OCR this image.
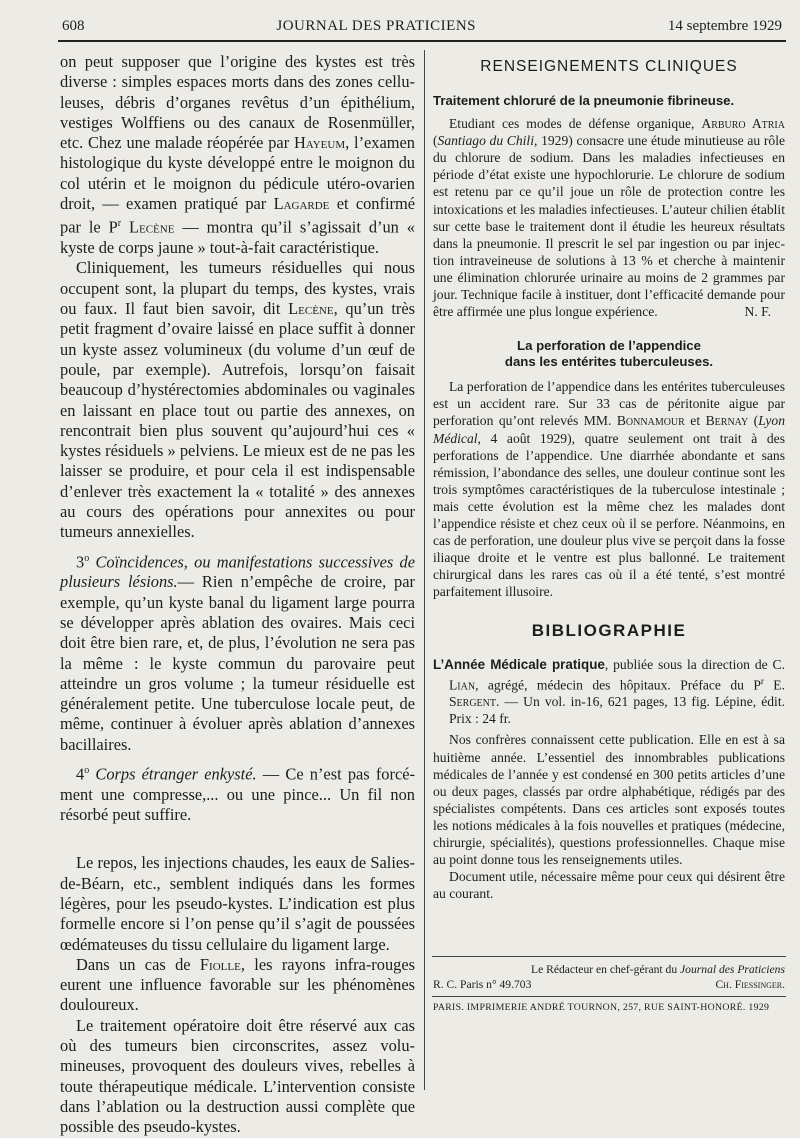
608	JOURNAL DES PRATICIENS	14 septembre 1929

on peut supposer que l’origine des kystes est très diverse : simples espaces morts dans des zones celluleuses, débris d’organes revêtus d’un épithélium, vestiges Wolffiens ou des canaux de Rosenmüller, etc. Chez une malade réopérée par Hayeum, l’examen histologique du kyste développé entre le moignon du col utérin et le moignon du pédicule utéro-ovarien droit, — examen pratiqué par Lagarde et confirmé par le $P^r$ Lecène — montra qu’il s’agissait d’un « kyste de corps jaune » tout-à-fait caractéristique.

Cliniquement, les tumeurs résiduelles qui nous occupent sont, la plupart du temps, des kystes, vrais ou faux. Il faut bien savoir, dit Lecène, qu’un très petit fragment d’ovaire laissé en place suffit à donner un kyste assez volumineux (du volume d’un œuf de poule, par exemple). Autrefois, lorsqu’on faisait beaucoup d’hystérectomies abdominales ou vaginales en laissant en place tout ou partie des annexes, on rencontrait bien plus souvent qu’aujourd’hui ces « kystes résiduels » pelviens. Le mieux est de ne pas les laisser se produire, et pour cela il est indispensable d’enlever très exactement la « totalité » des annexes au cours des opérations pour annexites ou pour tumeurs annexielles.

3$^o$ Coïncidences, ou manifestations successives de plusieurs lésions.— Rien n’empêche de croire, par exemple, qu’un kyste banal du ligament large pourra se développer après ablation des ovaires. Mais ceci doit être bien rare, et, de plus, l’évolution ne sera pas la même : le kyste commun du parovaire peut atteindre un gros volume ; la tumeur résiduelle est généralement petite. Une tuberculose locale peut, de même, continuer à évoluer après ablation d’annexes bacillaires.

4$^o$ Corps étranger enkysté. — Ce n’est pas forcément une compresse,... ou une pince... Un fil non résorbé peut suffire.

Le repos, les injections chaudes, les eaux de Salies-de-Béarn, etc., semblent indiqués dans les formes légères, pour les pseudo-kystes. L’indication est plus formelle encore si l’on pense qu’il s’agit de poussées œdémateuses du tissu cellulaire du ligament large.

Dans un cas de Fiolle, les rayons infra-rouges eurent une influence favorable sur les phénomènes douloureux.

Le traitement opératoire doit être réservé aux cas où des tumeurs bien circonscrites, assez volumineuses, provoquent des douleurs vives, rebelles à toute thérapeutique médicale. L’intervention consiste dans l’ablation ou la destruction aussi complète que possible des pseudo-kystes.

RENSEIGNEMENTS CLINIQUES
Traitement chloruré de la pneumonie fibrineuse.

Etudiant ces modes de défense organique, Arburo Atria (Santiago du Chili, 1929) consacre une étude minutieuse au rôle du chlorure de sodium. Dans les maladies infectieuses en période d’état existe une hypochlorurie. Le chlorure de sodium est retenu par ce qu’il joue un rôle de protection contre les intoxications et les maladies infectieuses. L’auteur chilien établit sur cette base le traitement dont il étudie les heureux résultats dans la pneumonie. Il prescrit le sel par ingestion ou par injection intraveineuse de solutions à 13 % et cherche à maintenir une élimination chlorurée urinaire au moins de 2 grammes par jour. Technique facile à instituer, dont l’efficacité demande pour être affirmée une plus longue expérience.	N. F.

La perforation de l’appendice
dans les entérites tuberculeuses.

La perforation de l’appendice dans les entérites tuberculeuses est un accident rare. Sur 33 cas de péritonite aigue par perforation qu’ont relevés MM. Bonnamour et Bernay (Lyon Médical, 4 août 1929), quatre seulement ont trait à des perforations de l’appendice. Une diarrhée abondante et sans rémission, l’abondance des selles, une douleur continue sont les trois symptômes caractéristiques de la tuberculose intestinale ; mais cette évolution est la même chez les malades dont l’appendice résiste et chez ceux où il se perfore. Néanmoins, en cas de perforation, une douleur plus vive se perçoit dans la fosse iliaque droite et le ventre est plus ballonné. Le traitement chirurgical dans les rares cas où il a été tenté, s’est montré parfaitement illusoire.

BIBLIOGRAPHIE

L’Année Médicale pratique, publiée sous la direction de C. Lian, agrégé, médecin des hôpitaux. Préface du $P^r$ E. Sergent. — Un vol. in-16, 621 pages, 13 fig. Lépine, édit. Prix : 24 fr.

Nos confrères connaissent cette publication. Elle en est à sa huitième année. L’essentiel des innombrables publications médicales de l’année y est condensé en 300 petits articles d’une ou deux pages, classés par ordre alphabétique, rédigés par des spécialistes compétents. Dans ces articles sont exposés toutes les notions médicales à la fois nouvelles et pratiques (médecine, chirurgie, spécialités), questions professionnelles. Chaque mise au point donne tous les renseignements utiles.

Document utile, nécessaire même pour ceux qui désirent être au courant.

Le Rédacteur en chef-gérant du Journal des Praticiens
R. C. Paris n° 49.703	Ch. Fiessinger.
PARIS. IMPRIMERIE ANDRÉ TOURNON, 257, RUE SAINT-HONORÉ. 1929
